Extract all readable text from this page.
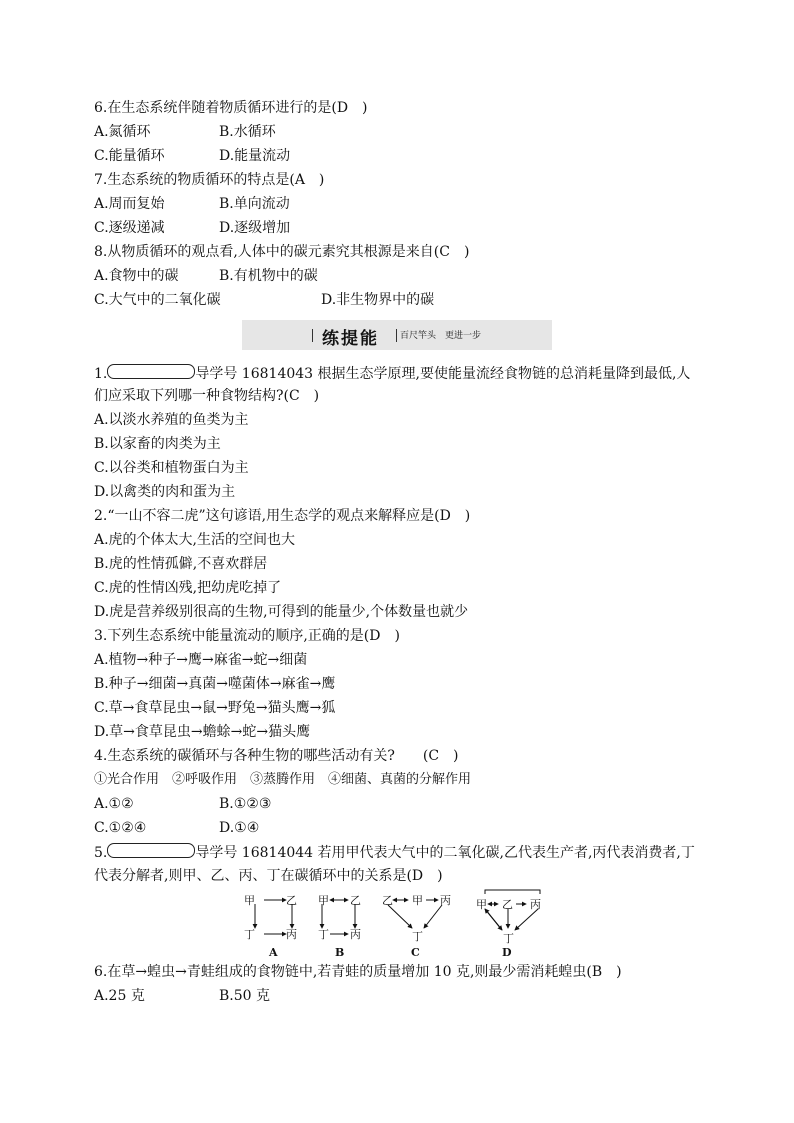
6.在生态系统伴随着物质循环进行的是(D　)
A.氮循环	B.水循环
C.能量循环	D.能量流动
7.生态系统的物质循环的特点是(A　)
A.周而复始	B.单向流动
C.逐级递减	D.逐级增加
8.从物质循环的观点看,人体中的碳元素究其根源是来自(C　)
A.食物中的碳	B.有机物中的碳
C.大气中的二氧化碳	D.非生物界中的碳
练提能 百尺竿头　更进一步
1.	导学号 16814043 根据生态学原理,要使能量流经食物链的总消耗量降到最低,人
们应采取下列哪一种食物结构?(C　)
A.以淡水养殖的鱼类为主
B.以家畜的肉类为主
C.以谷类和植物蛋白为主
D.以禽类的肉和蛋为主
2.“一山不容二虎”这句谚语,用生态学的观点来解释应是(D　)
A.虎的个体太大,生活的空间也大
B.虎的性情孤僻,不喜欢群居
C.虎的性情凶残,把幼虎吃掉了
D.虎是营养级别很高的生物,可得到的能量少,个体数量也就少
3.下列生态系统中能量流动的顺序,正确的是(D　)
A.植物→种子→鹰→麻雀→蛇→细菌
B.种子→细菌→真菌→噬菌体→麻雀→鹰
C.草→食草昆虫→鼠→野兔→猫头鹰→狐
D.草→食草昆虫→蟾蜍→蛇→猫头鹰
4.生态系统的碳循环与各种生物的哪些活动有关?　　(C　)
①光合作用　②呼吸作用　③蒸腾作用　④细菌、真菌的分解作用
A.①②	B.①②③
C.①②④	D.①④
5.	导学号 16814044 若用甲代表大气中的二氧化碳,乙代表生产者,丙代表消费者,丁
代表分解者,则甲、乙、丙、丁在碳循环中的关系是(D　)
甲	乙
丁	丙
甲 乙
丁 丙
乙 甲 丙
丁
甲 乙 丙
丁
A	B	C	D
6.在草→蝗虫→青蛙组成的食物链中,若青蛙的质量增加 10 克,则最少需消耗蝗虫(B　)
A.25 克	B.50 克
